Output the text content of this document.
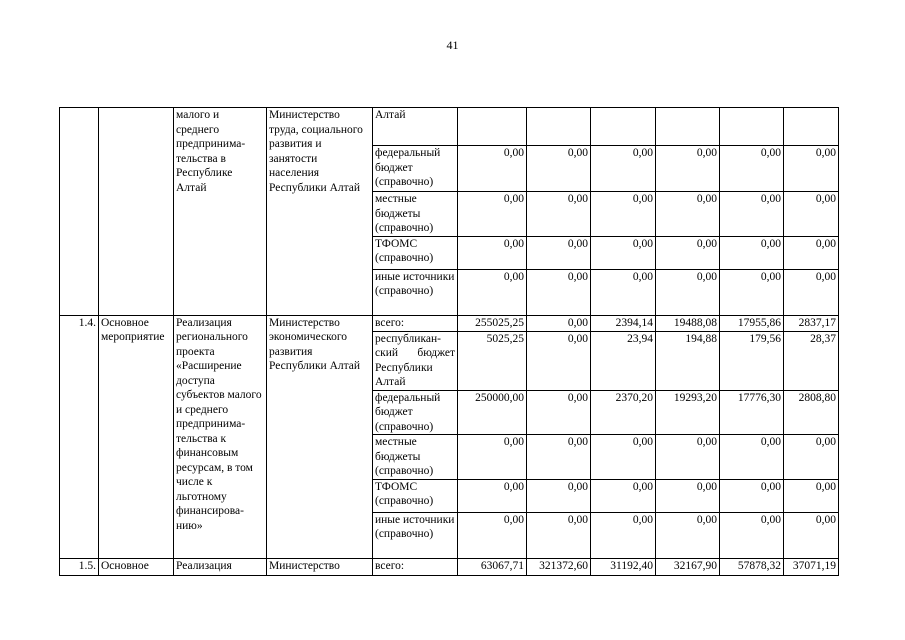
41
		малого и среднего предпринима-тельства в Республике Алтай	Министерство труда, социального развития и занятости населения Республики Алтай	Алтай						
				федеральный бюджет (справочно)	0,00	0,00	0,00	0,00	0,00	0,00
				местные бюджеты (справочно)	0,00	0,00	0,00	0,00	0,00	0,00
				ТФОМС (справочно)	0,00	0,00	0,00	0,00	0,00	0,00
				иные источники (справочно)	0,00	0,00	0,00	0,00	0,00	0,00
1.4.	Основное мероприятие	Реализация регионального проекта «Расширение доступа субъектов малого и среднего предпринима-тельства к финансовым ресурсам, в том числе к льготному финансирова-нию»	Министерство экономического развития Республики Алтай	всего:	255025,25	0,00	2394,14	19488,08	17955,86	2837,17
				республикан-ский бюджет Республики Алтай	5025,25	0,00	23,94	194,88	179,56	28,37
				федеральный бюджет (справочно)	250000,00	0,00	2370,20	19293,20	17776,30	2808,80
				местные бюджеты (справочно)	0,00	0,00	0,00	0,00	0,00	0,00
				ТФОМС (справочно)	0,00	0,00	0,00	0,00	0,00	0,00
				иные источники (справочно)	0,00	0,00	0,00	0,00	0,00	0,00
1.5.	Основное	Реализация	Министерство	всего:	63067,71	321372,60	31192,40	32167,90	57878,32	37071,19
